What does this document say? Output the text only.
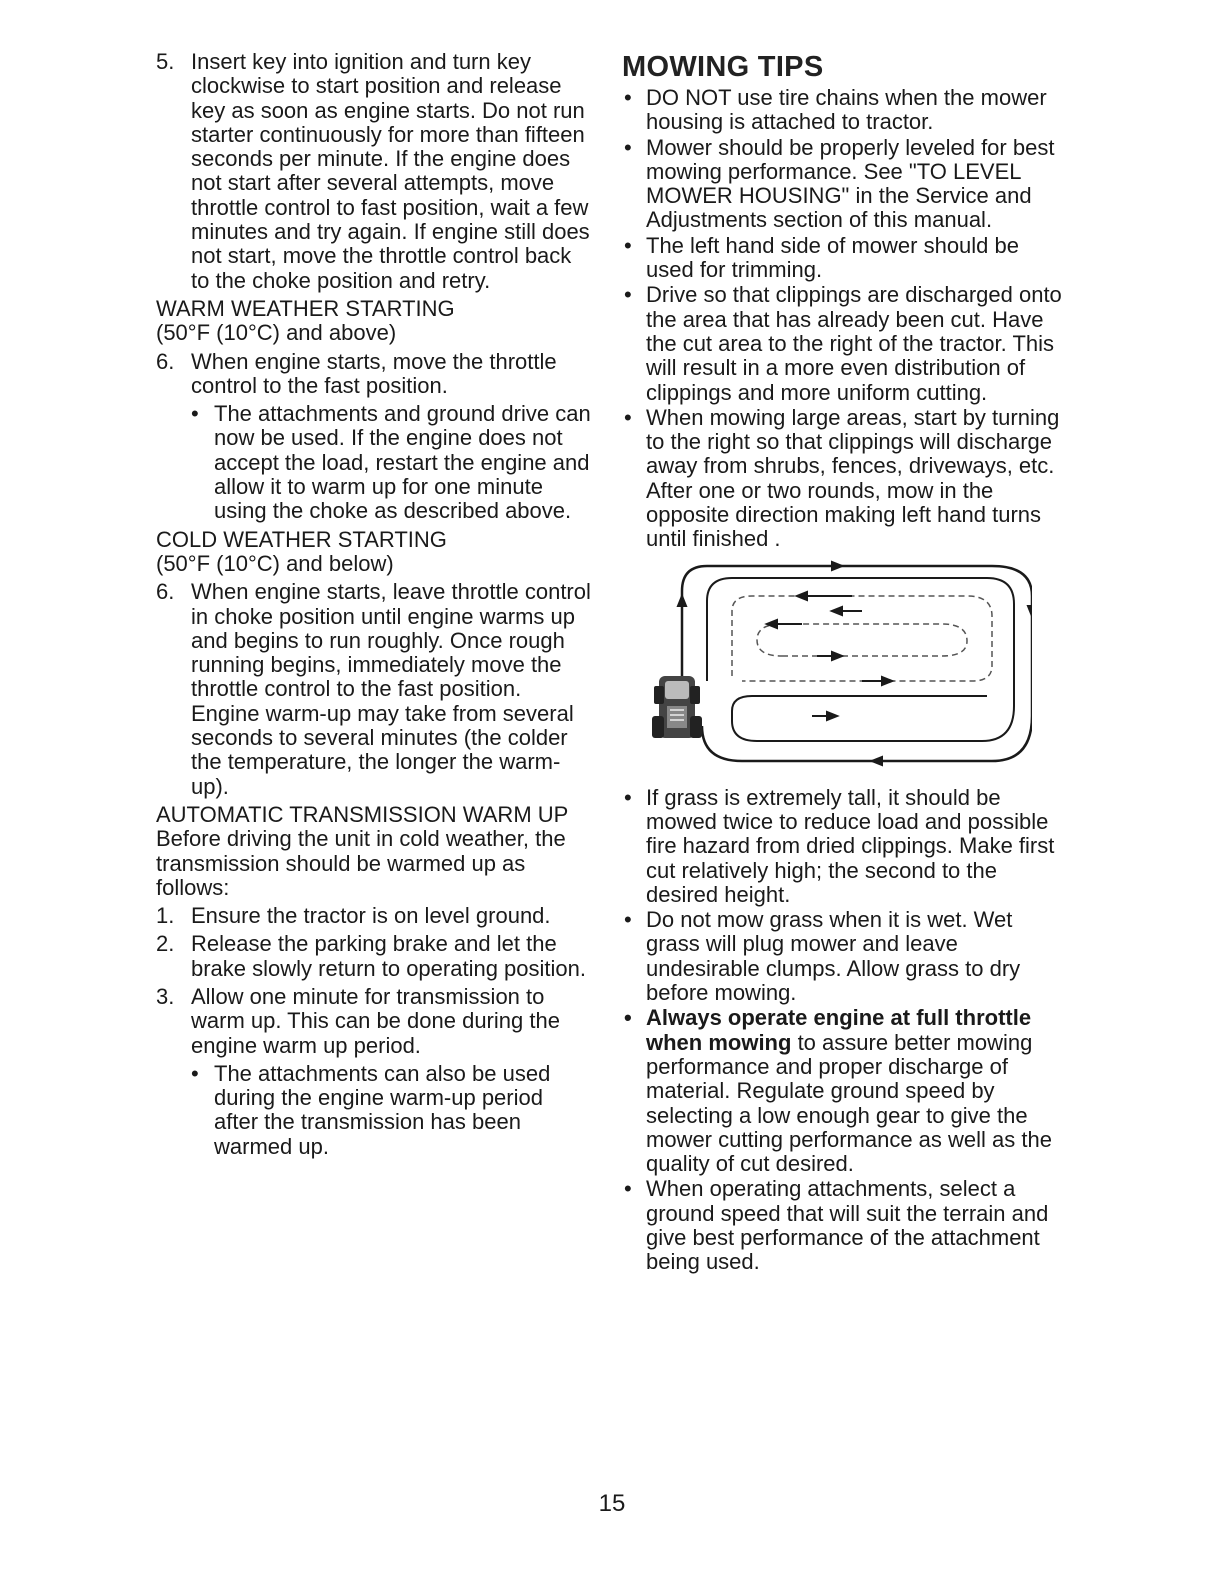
5. Insert key into ignition and turn key clockwise to start position and release key as soon as engine starts. Do not run starter continuously for more than fifteen seconds per minute. If the engine does not start after several attempts, move throttle control to fast position, wait a few minutes and try again. If engine still does not start, move the throttle control back to the choke position and retry.

WARM WEATHER STARTING

(50°F (10°C) and above)

6. When engine starts, move the throttle control to the fast position.

• The attachments and ground drive can now be used. If the engine does not accept the load, restart the engine and allow it to warm up for one minute using the choke as described above.

COLD WEATHER STARTING

(50°F (10°C) and below)

6. When engine starts, leave throttle control in choke position until engine warms up and begins to run roughly. Once rough running begins, immediately move the throttle control to the fast position. Engine warm-up may take from several seconds to several minutes (the colder the temperature, the longer the warm-up).

AUTOMATIC TRANSMISSION WARM UP

Before driving the unit in cold weather, the transmission should be warmed up as follows:

1. Ensure the tractor is on level ground.

2. Release the parking brake and let the brake slowly return to operating position.

3. Allow one minute for transmission to warm up. This can be done during the engine warm up period.

• The attachments can also be used during the engine warm-up period after the transmission has been warmed up.

MOWING TIPS
• DO NOT use tire chains when the mower housing is attached to tractor.

• Mower should be properly leveled for best mowing performance. See "TO LEVEL MOWER HOUSING" in the Service and Adjustments section of this manual.

• The left hand side of mower should be used for trimming.

• Drive so that clippings are discharged onto the area that has already been cut. Have the cut area to the right of the tractor. This will result in a more even distribution of clippings and more uniform cutting.

• When mowing large areas, start by turning to the right so that clippings will discharge away from shrubs, fences, driveways, etc. After one or two rounds, mow in the opposite direction making left hand turns until finished .

• If grass is extremely tall, it should be mowed twice to reduce load and possible fire hazard from dried clippings. Make first cut relatively high; the second to the desired height.

• Do not mow grass when it is wet. Wet grass will plug mower and leave undesirable clumps. Allow grass to dry before mowing.

• Always operate engine at full throttle when mowing to assure better mowing performance and proper discharge of material. Regulate ground speed by selecting a low enough gear to give the mower cutting performance as well as the quality of cut desired.

• When operating attachments, select a ground speed that will suit the terrain and give best performance of the attachment being used.

15
